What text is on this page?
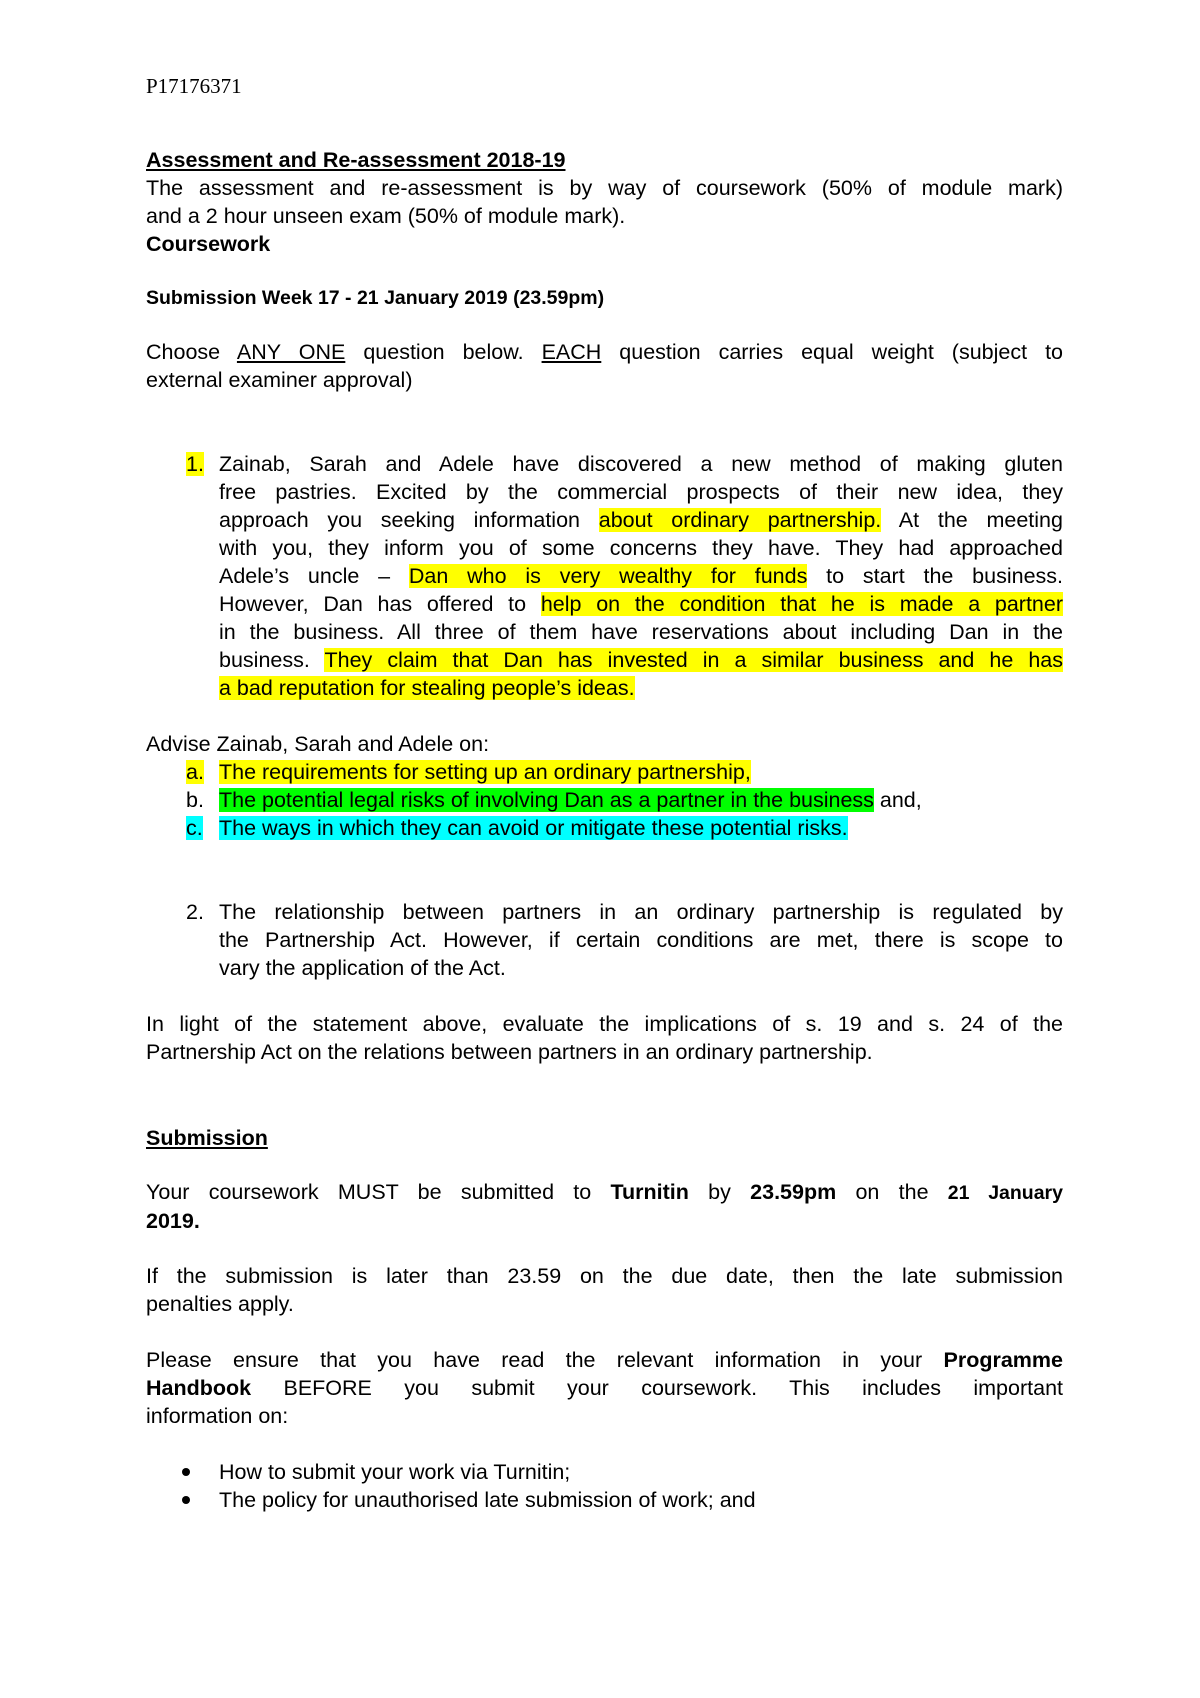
P17176371
Assessment and Re-assessment 2018-19
The assessment and re-assessment is by way of coursework (50% of module mark)
and a 2 hour unseen exam (50% of module mark).
Coursework
Submission Week 17 - 21 January 2019 (23.59pm)
Choose ANY ONE question below. EACH question carries equal weight (subject to
external examiner approval)
1. Zainab, Sarah and Adele have discovered a new method of making gluten
free pastries. Excited by the commercial prospects of their new idea, they
approach you seeking information about ordinary partnership. At the meeting
with you, they inform you of some concerns they have. They had approached
Adele’s uncle – Dan who is very wealthy for funds to start the business.
However, Dan has offered to help on the condition that he is made a partner
in the business. All three of them have reservations about including Dan in the
business. They claim that Dan has invested in a similar business and he has
a bad reputation for stealing people’s ideas.
Advise Zainab, Sarah and Adele on:
a. The requirements for setting up an ordinary partnership,
b. The potential legal risks of involving Dan as a partner in the business and,
c. The ways in which they can avoid or mitigate these potential risks.
2. The relationship between partners in an ordinary partnership is regulated by
the Partnership Act. However, if certain conditions are met, there is scope to
vary the application of the Act.
In light of the statement above, evaluate the implications of s. 19 and s. 24 of the
Partnership Act on the relations between partners in an ordinary partnership.
Submission
Your coursework MUST be submitted to Turnitin by 23.59pm on the 21 January
2019.
If the submission is later than 23.59 on the due date, then the late submission
penalties apply.
Please ensure that you have read the relevant information in your Programme
Handbook BEFORE you submit your coursework. This includes important
information on:
How to submit your work via Turnitin;
The policy for unauthorised late submission of work; and
